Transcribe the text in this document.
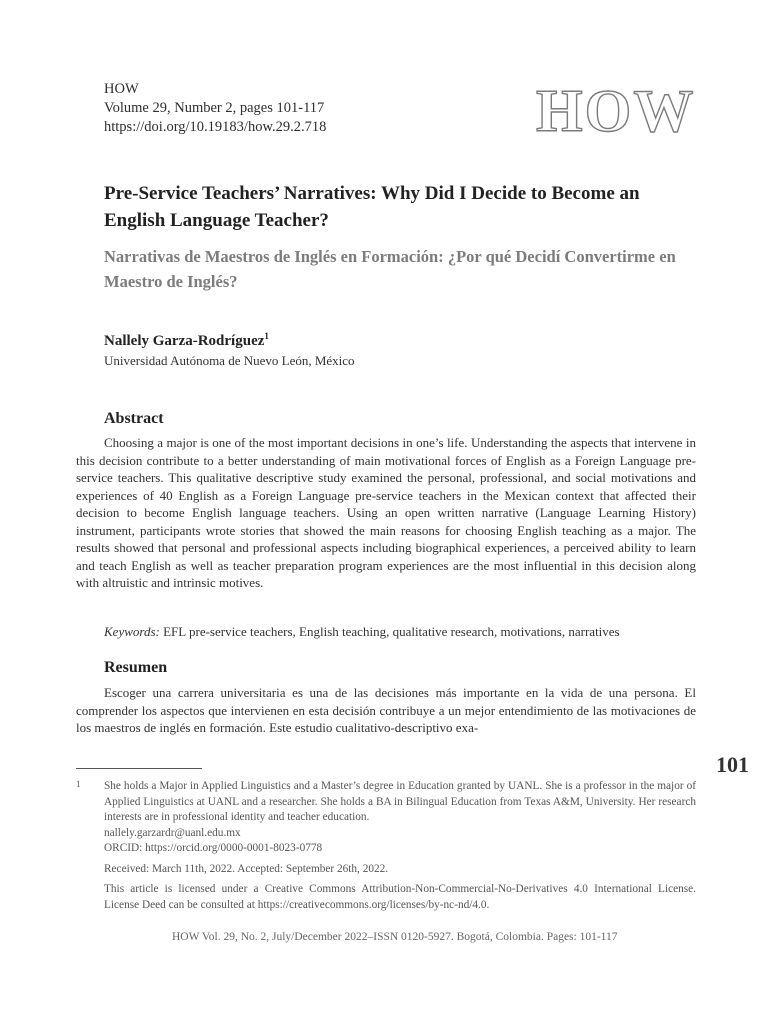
HOW
Volume 29, Number 2, pages 101-117
https://doi.org/10.19183/how.29.2.718	HOW
Pre-Service Teachers’ Narratives: Why Did I Decide to Become an English Language Teacher?
Narrativas de Maestros de Inglés en Formación: ¿Por qué Decidí Convertirme en Maestro de Inglés?
Nallely Garza-Rodríguez$^1$
Universidad Autónoma de Nuevo León, México
Abstract
Choosing a major is one of the most important decisions in one’s life. Understanding the aspects that intervene in this decision contribute to a better understanding of main motivational forces of English as a Foreign Language pre-service teachers. This qualitative descriptive study examined the personal, professional, and social motivations and experiences of 40 English as a Foreign Language pre-service teachers in the Mexican context that affected their decision to become English language teachers. Using an open written narrative (Language Learning History) instrument, participants wrote stories that showed the main reasons for choosing English teaching as a major. The results showed that personal and professional aspects including biographical experiences, a perceived ability to learn and teach English as well as teacher preparation program experiences are the most influential in this decision along with altruistic and intrinsic motives.
Keywords: EFL pre-service teachers, English teaching, qualitative research, motivations, narratives
Resumen
Escoger una carrera universitaria es una de las decisiones más importante en la vida de una persona. El comprender los aspectos que intervienen en esta decisión contribuye a un mejor entendimiento de las motivaciones de los maestros de inglés en formación. Este estudio cualitativo-descriptivo exa-
101
1 She holds a Major in Applied Linguistics and a Master’s degree in Education granted by UANL. She is a professor in the major of Applied Linguistics at UANL and a researcher. She holds a BA in Bilingual Education from Texas A&M, University. Her research interests are in professional identity and teacher education.

nallely.garzardr@uanl.edu.mx

ORCID: https://orcid.org/0000-0001-8023-0778

Received: March 11th, 2022. Accepted: September 26th, 2022.

This article is licensed under a Creative Commons Attribution-Non-Commercial-No-Derivatives 4.0 International License. License Deed can be consulted at https://creativecommons.org/licenses/by-nc-nd/4.0.

HOW Vol. 29, No. 2, July/December 2022–ISSN 0120-5927. Bogotá, Colombia. Pages: 101-117
